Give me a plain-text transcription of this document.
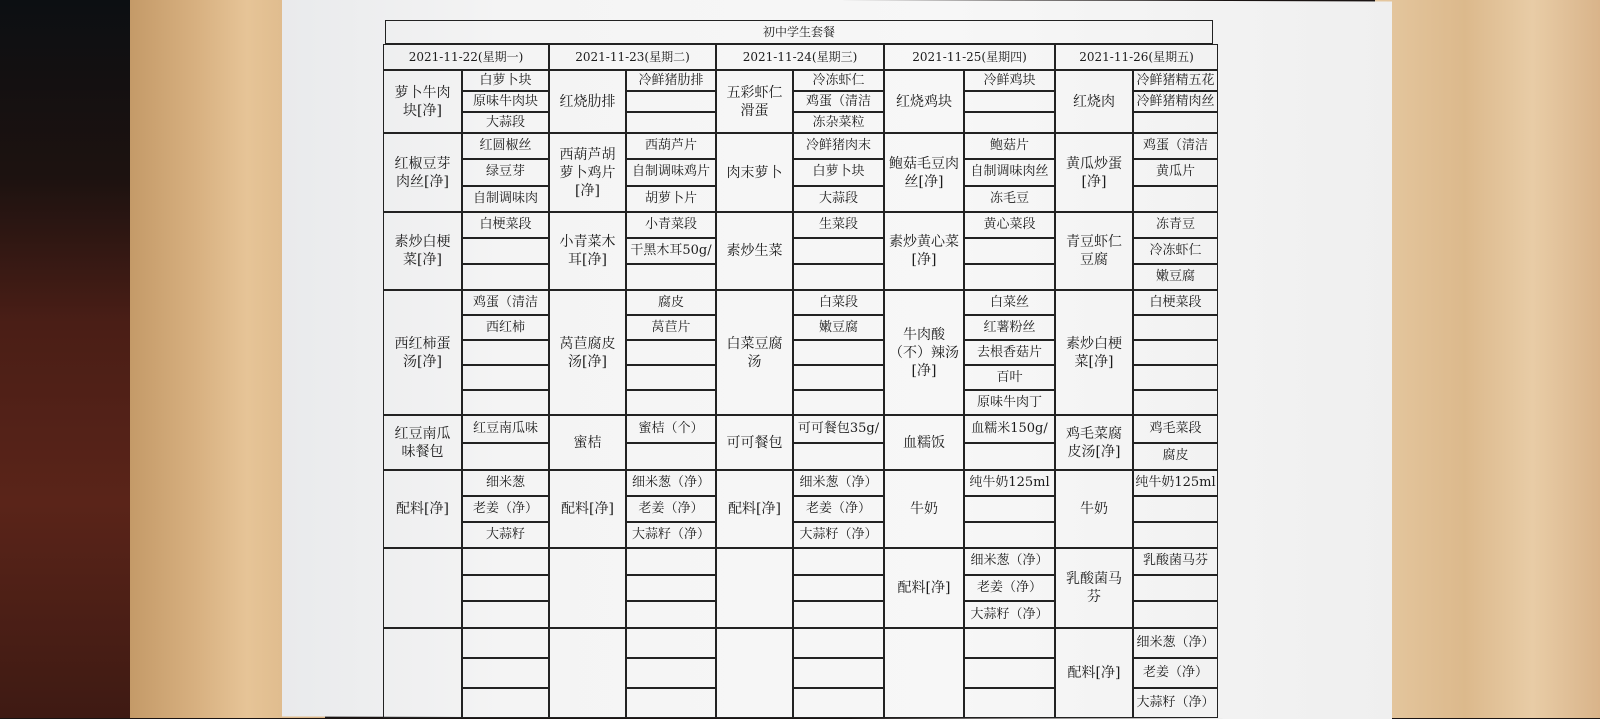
初中学生套餐
2021-11-22(星期一)
萝卜牛肉块[净]
白萝卜块
原味牛肉块
大蒜段
红椒豆芽肉丝[净]
红圆椒丝
绿豆芽
自制调味肉
素炒白梗菜[净]
白梗菜段
西红柿蛋汤[净]
鸡蛋（清洁
西红柿
红豆南瓜味餐包
红豆南瓜味
配料[净]
细米葱
老姜（净）
大蒜籽
2021-11-23(星期二)
红烧肋排
冷鲜猪肋排
西葫芦胡萝卜鸡片[净]
西葫芦片
自制调味鸡片
胡萝卜片
小青菜木耳[净]
小青菜段
干黑木耳50g/
莴苣腐皮汤[净]
腐皮
莴苣片
蜜桔
蜜桔（个）
配料[净]
细米葱（净）
老姜（净）
大蒜籽（净）
2021-11-24(星期三)
五彩虾仁滑蛋
冷冻虾仁
鸡蛋（清洁
冻杂菜粒
肉末萝卜
冷鲜猪肉末
白萝卜块
大蒜段
素炒生菜
生菜段
白菜豆腐汤
白菜段
嫩豆腐
可可餐包
可可餐包35g/
配料[净]
细米葱（净）
老姜（净）
大蒜籽（净）
2021-11-25(星期四)
红烧鸡块
冷鲜鸡块
鲍菇毛豆肉丝[净]
鲍菇片
自制调味肉丝
冻毛豆
素炒黄心菜[净]
黄心菜段
牛肉酸（不）辣汤[净]
白菜丝
红薯粉丝
去根香菇片
百叶
原味牛肉丁
血糯饭
血糯米150g/
牛奶
纯牛奶125ml
配料[净]
细米葱（净）
老姜（净）
大蒜籽（净）
2021-11-26(星期五)
红烧肉
冷鲜猪精五花
冷鲜猪精肉丝
黄瓜炒蛋[净]
鸡蛋（清洁
黄瓜片
青豆虾仁豆腐
冻青豆
冷冻虾仁
嫩豆腐
素炒白梗菜[净]
白梗菜段
鸡毛菜腐皮汤[净]
鸡毛菜段
腐皮
牛奶
纯牛奶125ml
乳酸菌马芬
乳酸菌马芬
配料[净]
细米葱（净）
老姜（净）
大蒜籽（净）
